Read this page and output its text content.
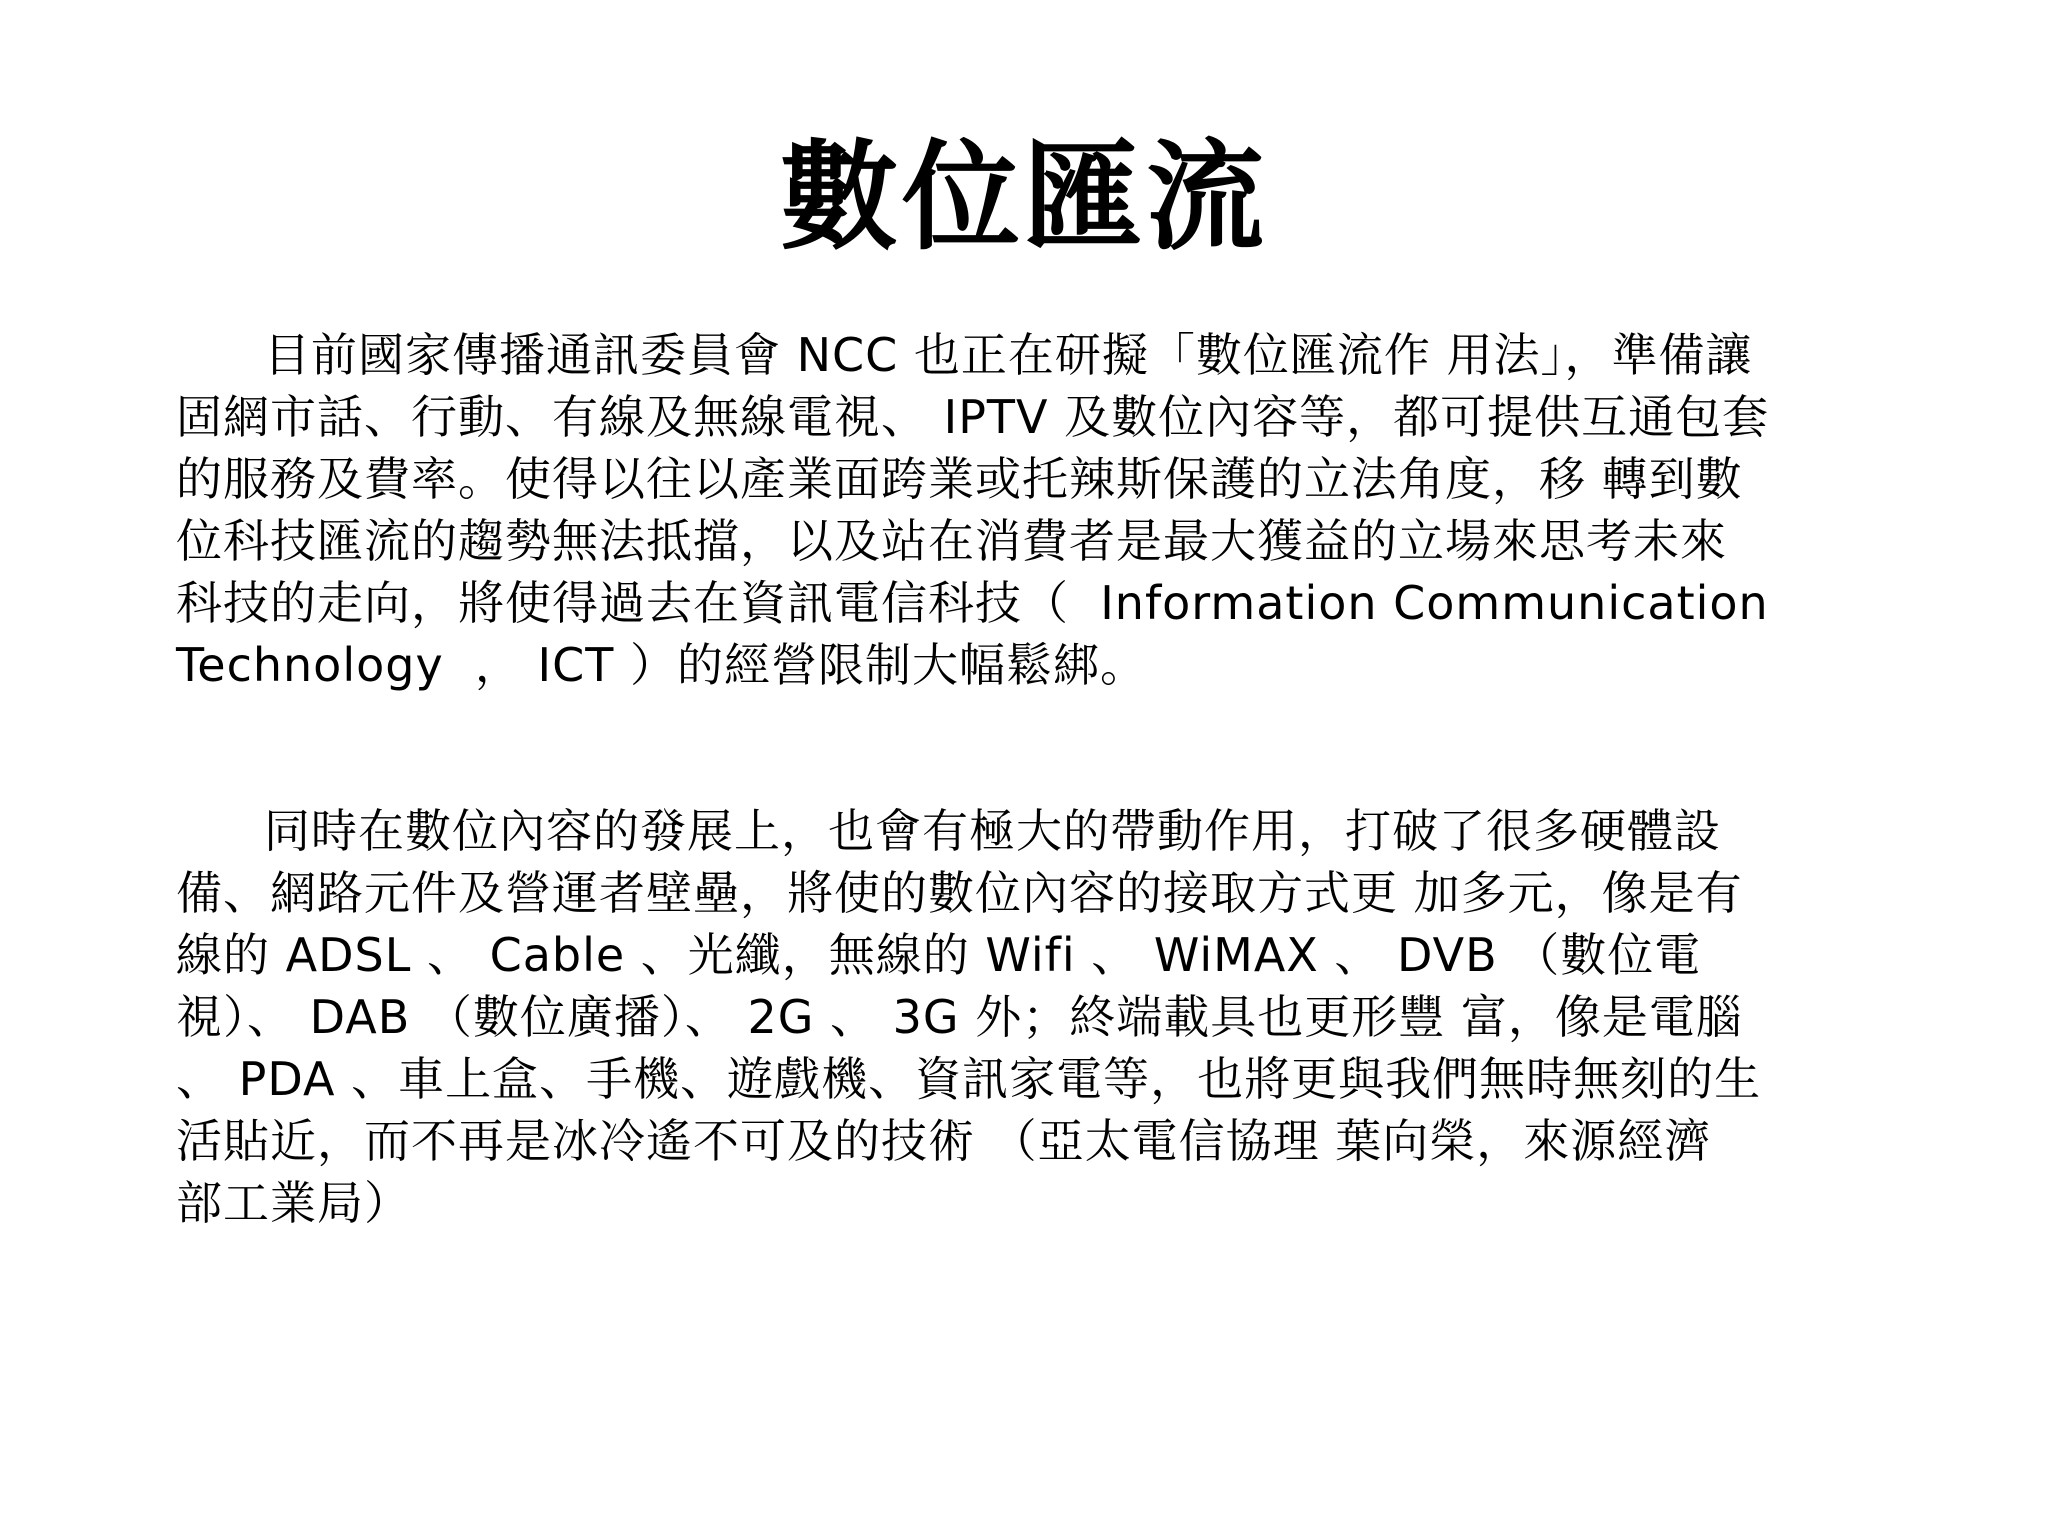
數位匯流
目前國家傳播通訊委員會 NCC 也正在研擬「數位匯流作 用法」，準備讓
固網市話、行動、有線及無線電視、 IPTV 及數位內容等，都可提供互通包套
的服務及費率。使得以往以產業面跨業或托辣斯保護的立法角度，移 轉到數
位科技匯流的趨勢無法抵擋，以及站在消費者是最大獲益的立場來思考未來
科技的走向，將使得過去在資訊電信科技（  Information Communication
Technology  ， ICT ）的經營限制大幅鬆綁。
同時在數位內容的發展上，也會有極大的帶動作用，打破了很多硬體設
備、網路元件及營運者壁壘，將使的數位內容的接取方式更 加多元，像是有
線的 ADSL 、 Cable 、光纖，無線的 Wifi 、 WiMAX 、 DVB （數位電
視）、 DAB （數位廣播）、 2G 、 3G 外；終端載具也更形豐 富，像是電腦
、 PDA 、車上盒、手機、遊戲機、資訊家電等，也將更與我們無時無刻的生
活貼近，而不再是冰冷遙不可及的技術 （亞太電信協理 葉向榮，來源經濟
部工業局）
